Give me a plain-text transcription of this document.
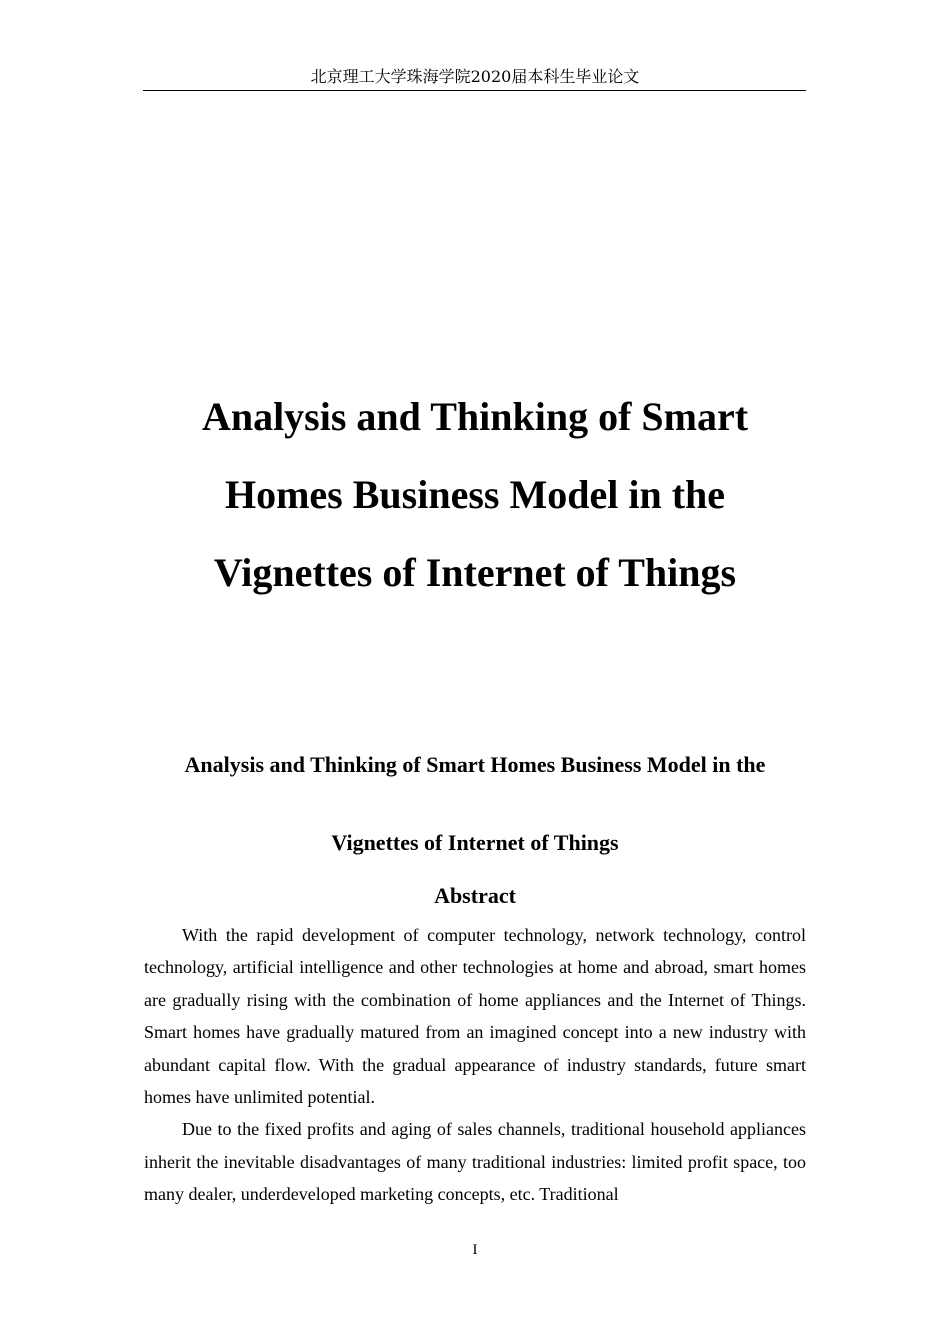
北京理工大学珠海学院2020届本科生毕业论文
Analysis and Thinking of Smart
Homes Business Model in the
Vignettes of Internet of Things
Analysis and Thinking of Smart Homes Business Model in the
Vignettes of Internet of Things
Abstract

With the rapid development of computer technology, network technology, control technology, artificial intelligence and other technologies at home and abroad, smart homes are gradually rising with the combination of home appliances and the Internet of Things. Smart homes have gradually matured from an imagined concept into a new industry with abundant capital flow. With the gradual appearance of industry standards, future smart homes have unlimited potential.

Due to the fixed profits and aging of sales channels, traditional household appliances inherit the inevitable disadvantages of many traditional industries: limited profit space, too many dealer, underdeveloped marketing concepts, etc. Traditional

I
